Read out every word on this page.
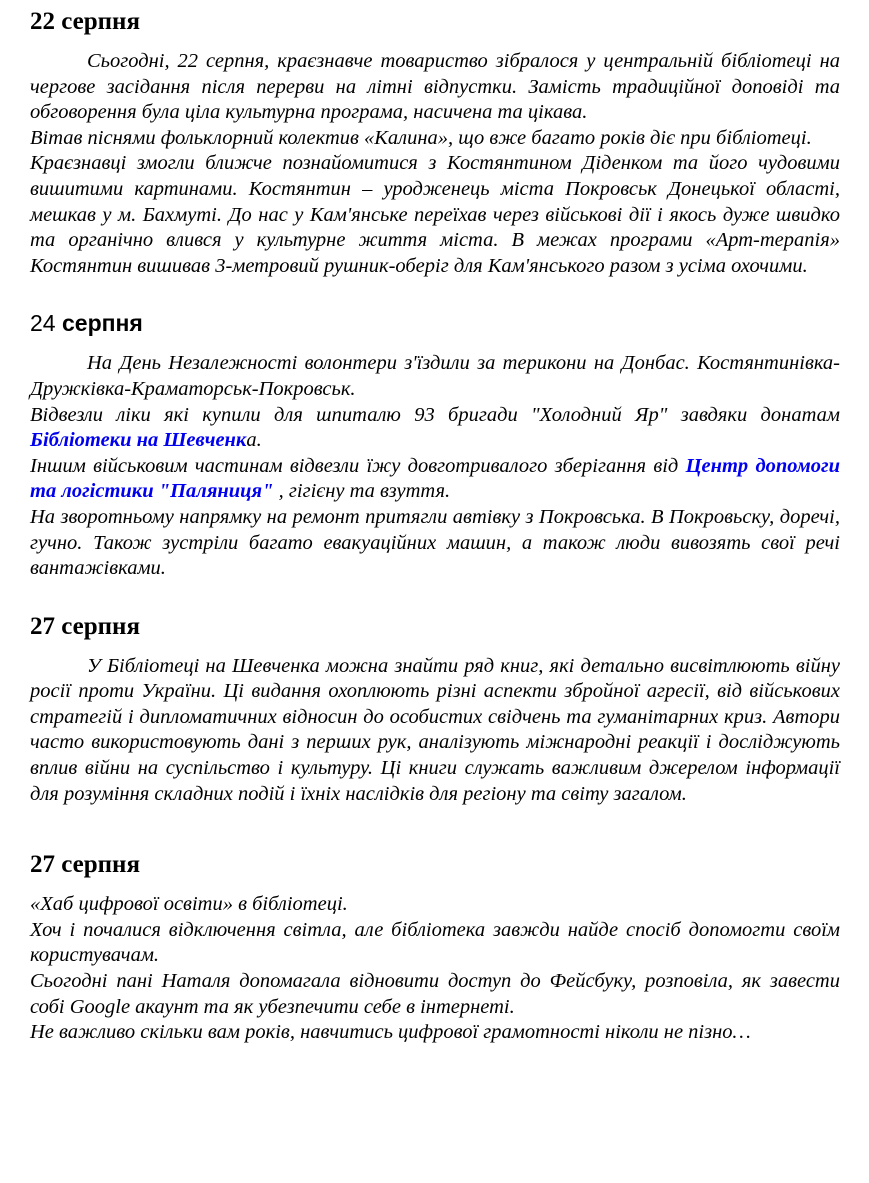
22 серпня

Сьогодні, 22 серпня, краєзнавче товариство зібралося у центральній бібліотеці на чергове засідання після перерви на літні відпустки. Замість традиційної доповіді та обговорення була ціла культурна програма, насичена та цікава.

Вітав піснями фольклорний колектив «Калина», що вже багато років діє при бібліотеці.

Краєзнавці змогли ближче познайомитися з Костянтином Діденком та його чудовими вишитими картинами. Костянтин – уродженець міста Покровськ Донецької області, мешкав у м. Бахмуті. До нас у Кам'янське переїхав через військові дії і якось дуже швидко та органічно влився у культурне життя міста. В межах програми «Арт-терапія» Костянтин вишивав 3-метровий рушник-оберіг для Кам'янського разом з усіма охочими.

24 серпня

На День Незалежності волонтери з'їздили за терикони на Донбас. Костянтинівка-Дружківка-Краматорськ-Покровськ.

Відвезли ліки які купили для шпиталю 93 бригади "Холодний Яр" завдяки донатам Бібліотеки на Шевченка.

Іншим військовим частинам відвезли їжу довготривалого зберігання від Центр допомоги та логістики "Паляниця" , гігієну та взуття.

На зворотньому напрямку на ремонт притягли автівку з Покровська. В Покровьску, доречі, гучно. Також зустріли багато евакуаційних машин, а також люди вивозять свої речі вантажівками.

27 серпня

У Бібліотеці на Шевченка можна знайти ряд книг, які детально висвітлюють війну росії проти України. Ці видання охоплюють різні аспекти збройної агресії, від військових стратегій і дипломатичних відносин до особистих свідчень та гуманітарних криз. Автори часто використовують дані з перших рук, аналізують міжнародні реакції і досліджують вплив війни на суспільство і культуру. Ці книги служать важливим джерелом інформації для розуміння складних подій і їхніх наслідків для регіону та світу загалом.

27 серпня

«Хаб цифрової освіти» в бібліотеці.

Хоч і почалися відключення світла, але бібліотека завжди найде спосіб допомогти своїм користувачам.

Сьогодні пані Наталя допомагала відновити доступ до Фейсбуку, розповіла, як завести собі Google акаунт та як убезпечити себе в інтернеті.

Не важливо скільки вам років, навчитись цифрової грамотності ніколи не пізно…
